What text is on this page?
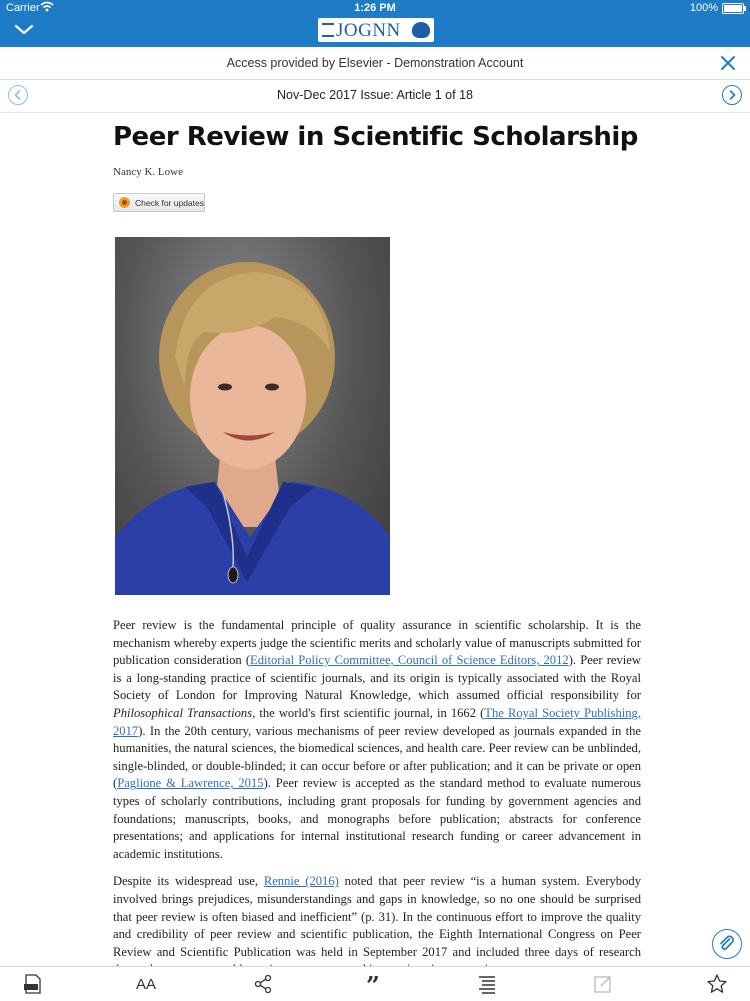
Carrier	1:26 PM	100%
JOGNN
Access provided by Elsevier - Demonstration Account
Nov-Dec 2017 Issue: Article 1 of 18
Peer Review in Scientific Scholarship
Nancy K. Lowe
Check for updates

Peer review is the fundamental principle of quality assurance in scientific scholarship. It is the mechanism whereby experts judge the scientific merits and scholarly value of manuscripts submitted for publication consideration (Editorial Policy Committee, Council of Science Editors, 2012). Peer review is a long-standing practice of scientific journals, and its origin is typically associated with the Royal Society of London for Improving Natural Knowledge, which assumed official responsibility for Philosophical Transactions, the world's first scientific journal, in 1662 (The Royal Society Publishing, 2017). In the 20th century, various mechanisms of peer review developed as journals expanded in the humanities, the natural sciences, the biomedical sciences, and health care. Peer review can be unblinded, single-blinded, or double-blinded; it can occur before or after publication; and it can be private or open (Paglione & Lawrence, 2015). Peer review is accepted as the standard method to evaluate numerous types of scholarly contributions, including grant proposals for funding by government agencies and foundations; manuscripts, books, and monographs before publication; abstracts for conference presentations; and applications for internal institutional research funding or career advancement in academic institutions.

Despite its widespread use, Rennie (2016) noted that peer review “is a human system. Everybody involved brings prejudices, misunderstandings and gaps in knowledge, so no one should be surprised that peer review is often biased and inefficient” (p. 31). In the continuous effort to improve the quality and credibility of peer review and scientific publication, the Eighth International Congress on Peer Review and Scientific Publication was held in September 2017 and included three days of research

AA	”
